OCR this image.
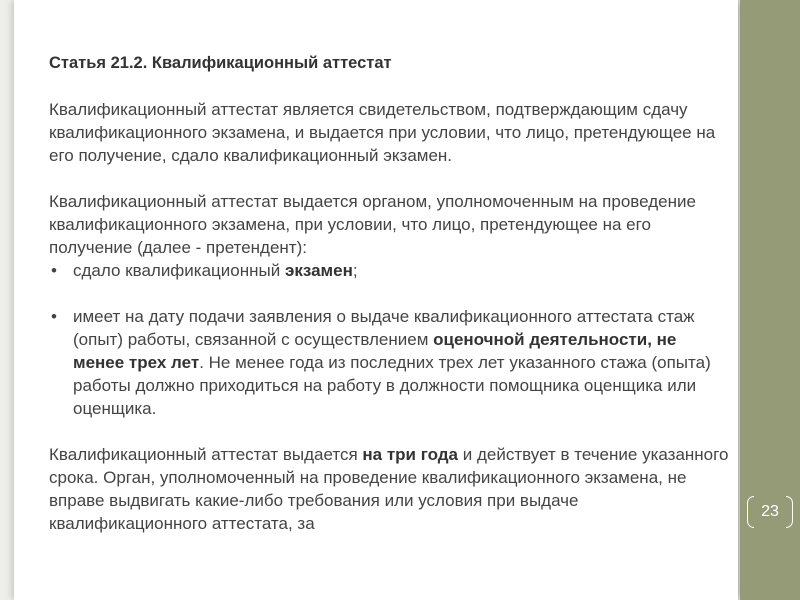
23

Статья 21.2. Квалификационный аттестат

Квалификационный аттестат является свидетельством, подтверждающим сдачу квалификационного экзамена, и выдается при условии, что лицо, претендующее на его получение, сдало квалификационный экзамен.

Квалификационный аттестат выдается органом, уполномоченным на проведение квалификационного экзамена, при условии, что лицо, претендующее на его получение (далее - претендент):

• сдало квалификационный экзамен;
• имеет на дату подачи заявления о выдаче квалификационного аттестата стаж (опыт) работы, связанной с осуществлением оценочной деятельности, не менее трех лет. Не менее года из последних трех лет указанного стажа (опыта) работы должно приходиться на работу в должности помощника оценщика или оценщика.

Квалификационный аттестат выдается на три года и действует в течение указанного срока. Орган, уполномоченный на проведение квалификационного экзамена, не вправе выдвигать какие-либо требования или условия при выдаче квалификационного аттестата, за
